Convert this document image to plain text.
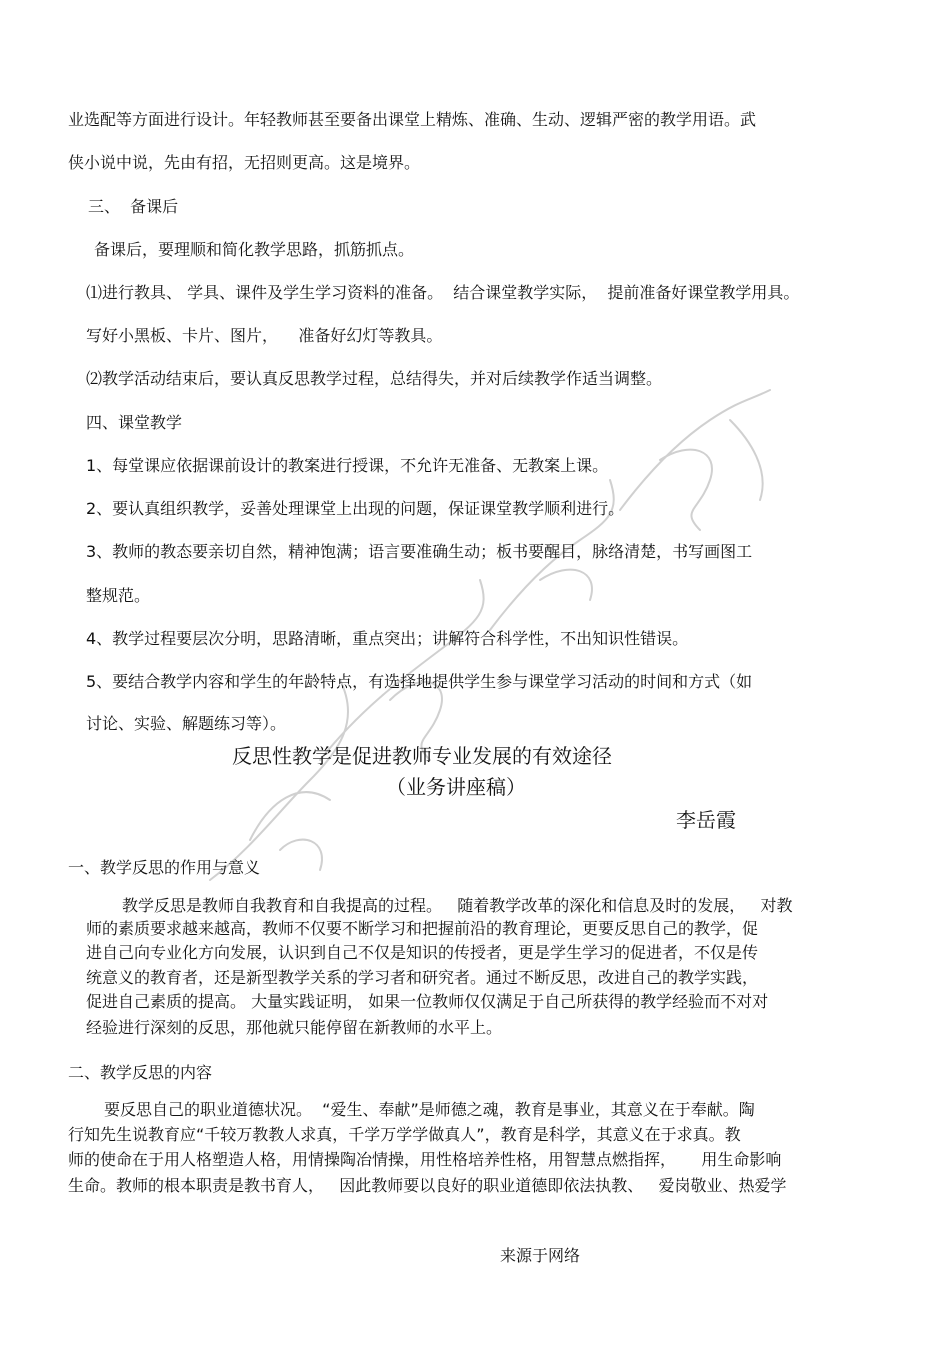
业选配等方面进行设计。年轻教师甚至要备出课堂上精炼、准确、生动、逻辑严密的教学用语。武
侠小说中说，先由有招，无招则更高。这是境界。
三、  备课后
备课后，要理顺和简化教学思路，抓筋抓点。
⑴进行教具、 学具、课件及学生学习资料的准备。  结合课堂教学实际，  提前准备好课堂教学用具。
写好小黑板、卡片、图片，    准备好幻灯等教具。
⑵教学活动结束后，要认真反思教学过程，总结得失，并对后续教学作适当调整。
四、课堂教学
1、每堂课应依据课前设计的教案进行授课，不允许无准备、无教案上课。
2、要认真组织教学，妥善处理课堂上出现的问题，保证课堂教学顺利进行。
3、教师的教态要亲切自然，精神饱满；语言要准确生动；板书要醒目，脉络清楚，书写画图工
整规范。
4、教学过程要层次分明，思路清晰，重点突出；讲解符合科学性，不出知识性错误。
5、要结合教学内容和学生的年龄特点，有选择地提供学生参与课堂学习活动的时间和方式（如
讨论、实验、解题练习等）。
反思性教学是促进教师专业发展的有效途径
（业务讲座稿）
李岳霞
一、教学反思的作用与意义
教学反思是教师自我教育和自我提高的过程。   随着教学改革的深化和信息及时的发展，   对教
师的素质要求越来越高，教师不仅要不断学习和把握前沿的教育理论，更要反思自己的教学，促
进自己向专业化方向发展，认识到自己不仅是知识的传授者，更是学生学习的促进者，不仅是传
统意义的教育者，还是新型教学关系的学习者和研究者。通过不断反思，改进自己的教学实践，
促进自己素质的提高。 大量实践证明， 如果一位教师仅仅满足于自己所获得的教学经验而不对对
经验进行深刻的反思，那他就只能停留在新教师的水平上。
二、教学反思的内容
要反思自己的职业道德状况。  “爱生、奉献”是师德之魂，教育是事业，其意义在于奉献。陶
行知先生说教育应“千较万教教人求真，千学万学学做真人”，教育是科学，其意义在于求真。教
师的使命在于用人格塑造人格，用情操陶冶情操，用性格培养性格，用智慧点燃指挥，     用生命影响
生命。教师的根本职责是教书育人，   因此教师要以良好的职业道德即依法执教、   爱岗敬业、热爱学
来源于网络
